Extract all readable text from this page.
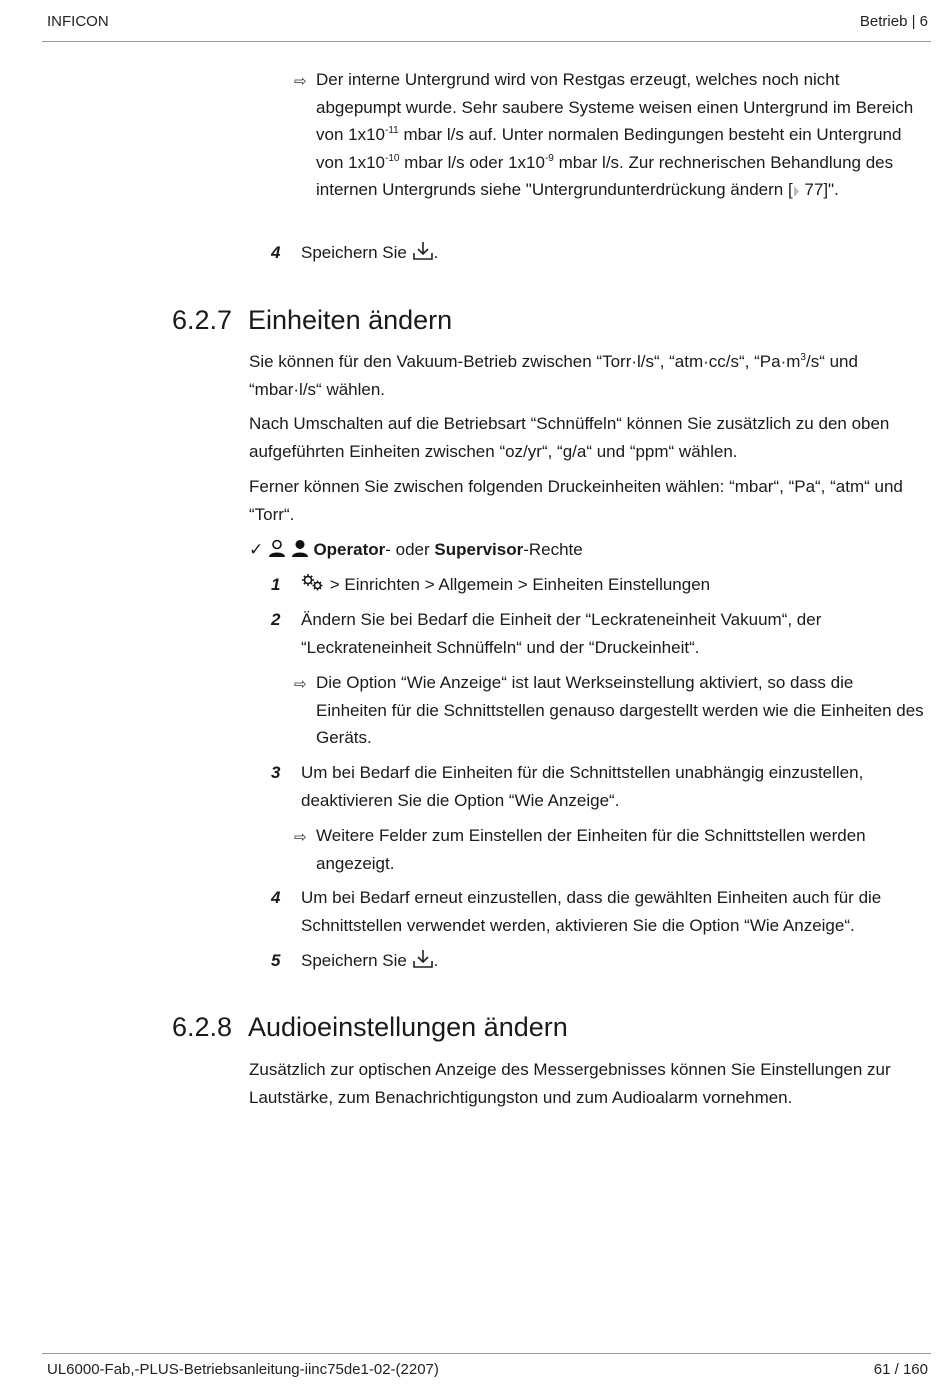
INFICON	Betrieb | 6
⇨ Der interne Untergrund wird von Restgas erzeugt, welches noch nicht abgepumpt wurde. Sehr saubere Systeme weisen einen Untergrund im Bereich von $1x10^{-11}$ mbar l/s auf. Unter normalen Bedingungen besteht ein Untergrund von $1x10^{-10}$ mbar l/s oder $1x10^{-9}$ mbar l/s. Zur rechnerischen Behandlung des internen Untergrunds siehe "Untergrundunterdrückung ändern [ 77]".

4 Speichern Sie .

6.2.7 Einheiten ändern

Sie können für den Vakuum-Betrieb zwischen “Torr·l/s“, “atm·cc/s“, “$Pa\cdot m^3/s“$ und “mbar·l/s“ wählen.

Nach Umschalten auf die Betriebsart “Schnüffeln“ können Sie zusätzlich zu den oben aufgeführten Einheiten zwischen “oz/yr“, “g/a“ und “ppm“ wählen.

Ferner können Sie zwischen folgenden Druckeinheiten wählen: “mbar“, “Pa“, “atm“ und “Torr“.

✓	Operator- oder Supervisor-Rechte

1	> Einrichten > Allgemein > Einheiten Einstellungen

2 Ändern Sie bei Bedarf die Einheit der “Leckrateneinheit Vakuum“, der “Leckrateneinheit Schnüffeln“ und der “Druckeinheit“.

⇨ Die Option “Wie Anzeige“ ist laut Werkseinstellung aktiviert, so dass die Einheiten für die Schnittstellen genauso dargestellt werden wie die Einheiten des Geräts.

3 Um bei Bedarf die Einheiten für die Schnittstellen unabhängig einzustellen, deaktivieren Sie die Option “Wie Anzeige“.

⇨ Weitere Felder zum Einstellen der Einheiten für die Schnittstellen werden angezeigt.

4 Um bei Bedarf erneut einzustellen, dass die gewählten Einheiten auch für die Schnittstellen verwendet werden, aktivieren Sie die Option “Wie Anzeige“.

5 Speichern Sie .

6.2.8 Audioeinstellungen ändern

Zusätzlich zur optischen Anzeige des Messergebnisses können Sie Einstellungen zur Lautstärke, zum Benachrichtigungston und zum Audioalarm vornehmen.

UL6000-Fab,-PLUS-Betriebsanleitung-iinc75de1-02-(2207)	61 / 160
